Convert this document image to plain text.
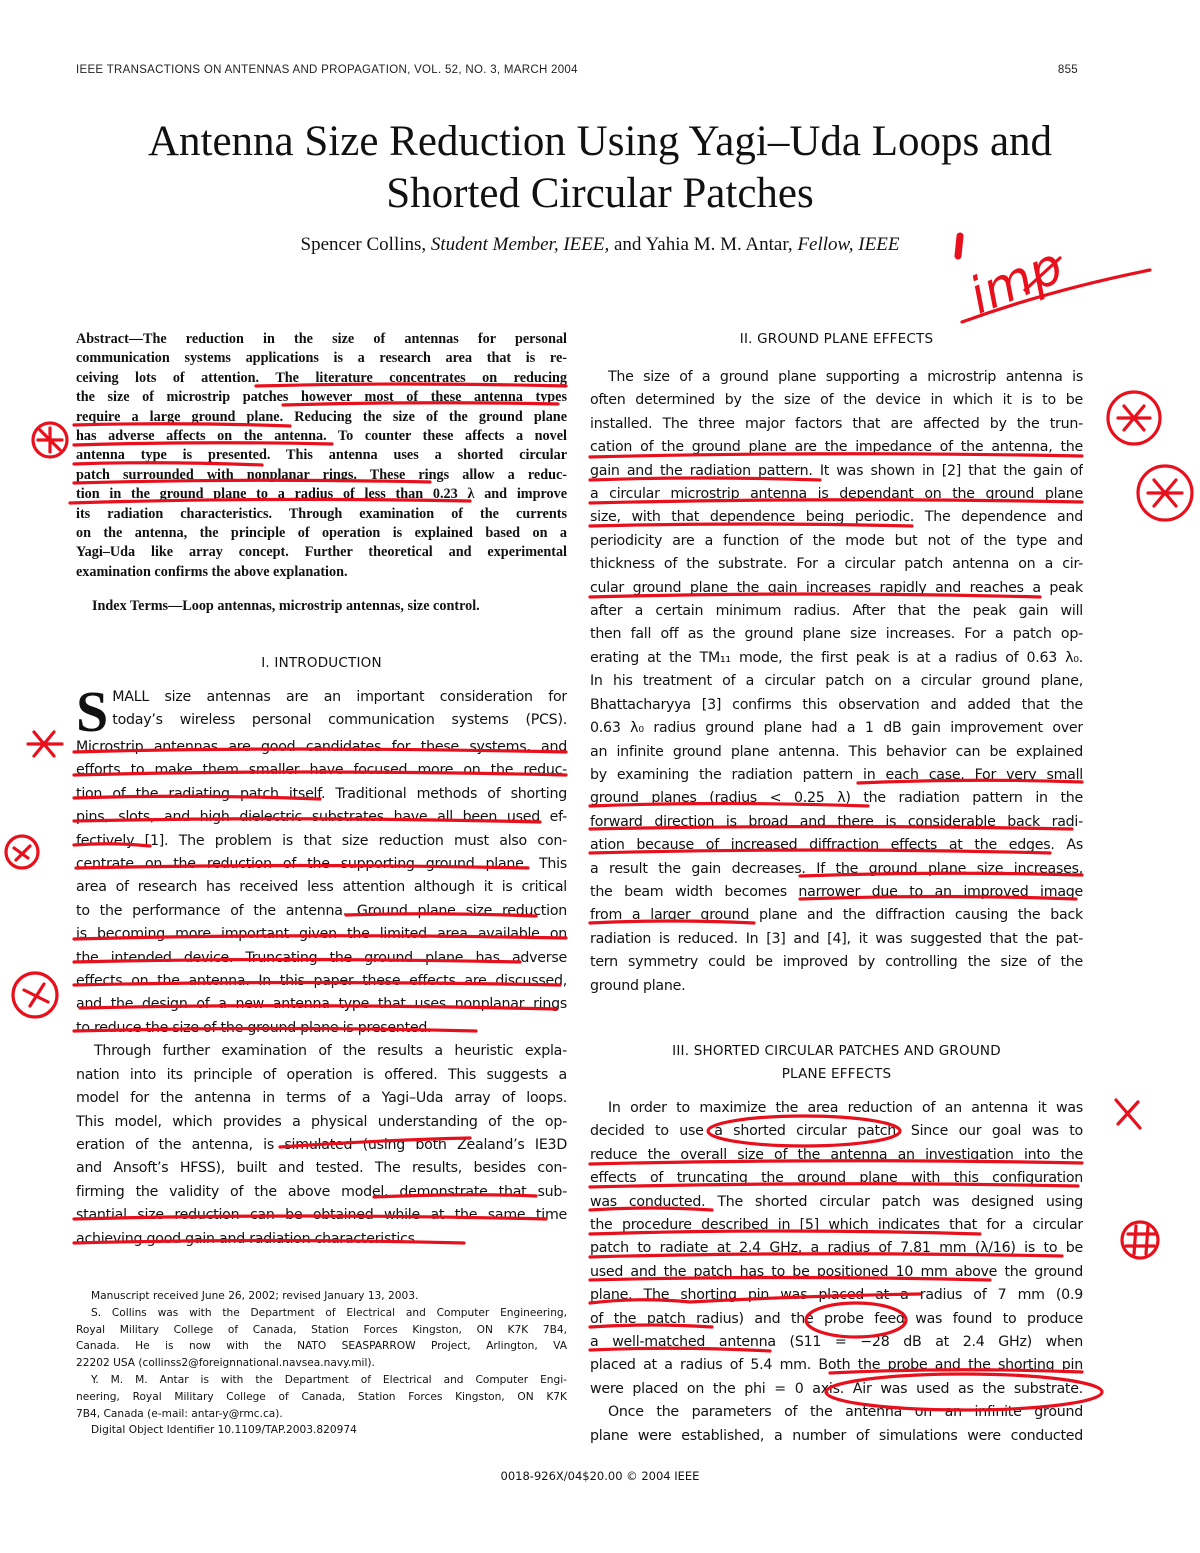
IEEE TRANSACTIONS ON ANTENNAS AND PROPAGATION, VOL. 52, NO. 3, MARCH 2004	855
Antenna Size Reduction Using Yagi–Uda Loops and
Shorted Circular Patches
Spencer Collins, Student Member, IEEE, and Yahia M. M. Antar, Fellow, IEEE
Abstract—The reduction in the size of antennas for personal
communication systems applications is a research area that is re-
ceiving lots of attention. The literature concentrates on reducing
the size of microstrip patches however most of these antenna types
require a large ground plane. Reducing the size of the ground plane
has adverse affects on the antenna. To counter these affects a novel
antenna type is presented. This antenna uses a shorted circular
patch surrounded with nonplanar rings. These rings allow a reduc-
tion in the ground plane to a radius of less than 0.23 λ and improve
its radiation characteristics. Through examination of the currents
on the antenna, the principle of operation is explained based on a
Yagi–Uda like array concept. Further theoretical and experimental
examination confirms the above explanation.
Index Terms—Loop antennas, microstrip antennas, size control.
I. INTRODUCTION
S MALL size antennas are an important consideration for
today’s wireless personal communication systems (PCS).
Microstrip antennas are good candidates for these systems, and
efforts to make them smaller have focused more on the reduc-
tion of the radiating patch itself. Traditional methods of shorting
pins, slots, and high dielectric substrates have all been used ef-
fectively [1]. The problem is that size reduction must also con-
centrate on the reduction of the supporting ground plane. This
area of research has received less attention although it is critical
to the performance of the antenna. Ground plane size reduction
is becoming more important given the limited area available on
the intended device. Truncating the ground plane has adverse
effects on the antenna. In this paper these effects are discussed,
and the design of a new antenna type that uses nonplanar rings
to reduce the size of the ground plane is presented.
Through further examination of the results a heuristic expla-
nation into its principle of operation is offered. This suggests a
model for the antenna in terms of a Yagi–Uda array of loops.
This model, which provides a physical understanding of the op-
eration of the antenna, is simulated (using both Zealand’s IE3D
and Ansoft’s HFSS), built and tested. The results, besides con-
firming the validity of the above model, demonstrate that sub-
stantial size reduction can be obtained while at the same time
achieving good gain and radiation characteristics.
Manuscript received June 26, 2002; revised January 13, 2003.
S. Collins was with the Department of Electrical and Computer Engineering,
Royal Military College of Canada, Station Forces Kingston, ON K7K 7B4,
Canada. He is now with the NATO SEASPARROW Project, Arlington, VA
22202 USA (collinss2@foreignnational.navsea.navy.mil).
Y. M. M. Antar is with the Department of Electrical and Computer Engi-
neering, Royal Military College of Canada, Station Forces Kingston, ON K7K
7B4, Canada (e-mail: antar-y@rmc.ca).
Digital Object Identifier 10.1109/TAP.2003.820974
II. GROUND PLANE EFFECTS
The size of a ground plane supporting a microstrip antenna is
often determined by the size of the device in which it is to be
installed. The three major factors that are affected by the trun-
cation of the ground plane are the impedance of the antenna, the
gain and the radiation pattern. It was shown in [2] that the gain of
a circular microstrip antenna is dependant on the ground plane
size, with that dependence being periodic. The dependence and
periodicity are a function of the mode but not of the type and
thickness of the substrate. For a circular patch antenna on a cir-
cular ground plane the gain increases rapidly and reaches a peak
after a certain minimum radius. After that the peak gain will
then fall off as the ground plane size increases. For a patch op-
erating at the TM₁₁ mode, the first peak is at a radius of 0.63 λ₀.
In his treatment of a circular patch on a circular ground plane,
Bhattacharyya [3] confirms this observation and added that the
0.63 λ₀ radius ground plane had a 1 dB gain improvement over
an infinite ground plane antenna. This behavior can be explained
by examining the radiation pattern in each case. For very small
ground planes (radius < 0.25 λ) the radiation pattern in the
forward direction is broad and there is considerable back radi-
ation because of increased diffraction effects at the edges. As
a result the gain decreases. If the ground plane size increases,
the beam width becomes narrower due to an improved image
from a larger ground plane and the diffraction causing the back
radiation is reduced. In [3] and [4], it was suggested that the pat-
tern symmetry could be improved by controlling the size of the
ground plane.
III. SHORTED CIRCULAR PATCHES AND GROUND
PLANE EFFECTS
In order to maximize the area reduction of an antenna it was
decided to use a shorted circular patch. Since our goal was to
reduce the overall size of the antenna an investigation into the
effects of truncating the ground plane with this configuration
was conducted. The shorted circular patch was designed using
the procedure described in [5] which indicates that for a circular
patch to radiate at 2.4 GHz, a radius of 7.81 mm (λ/16) is to be
used and the patch has to be positioned 10 mm above the ground
plane. The shorting pin was placed at a radius of 7 mm (0.9
of the patch radius) and the probe feed was found to produce
a well-matched antenna (S11 = −28 dB at 2.4 GHz) when
placed at a radius of 5.4 mm. Both the probe and the shorting pin
were placed on the phi = 0 axis. Air was used as the substrate.
Once the parameters of the antenna on an infinite ground
plane were established, a number of simulations were conducted
0018-926X/04$20.00 © 2004 IEEE
imp
